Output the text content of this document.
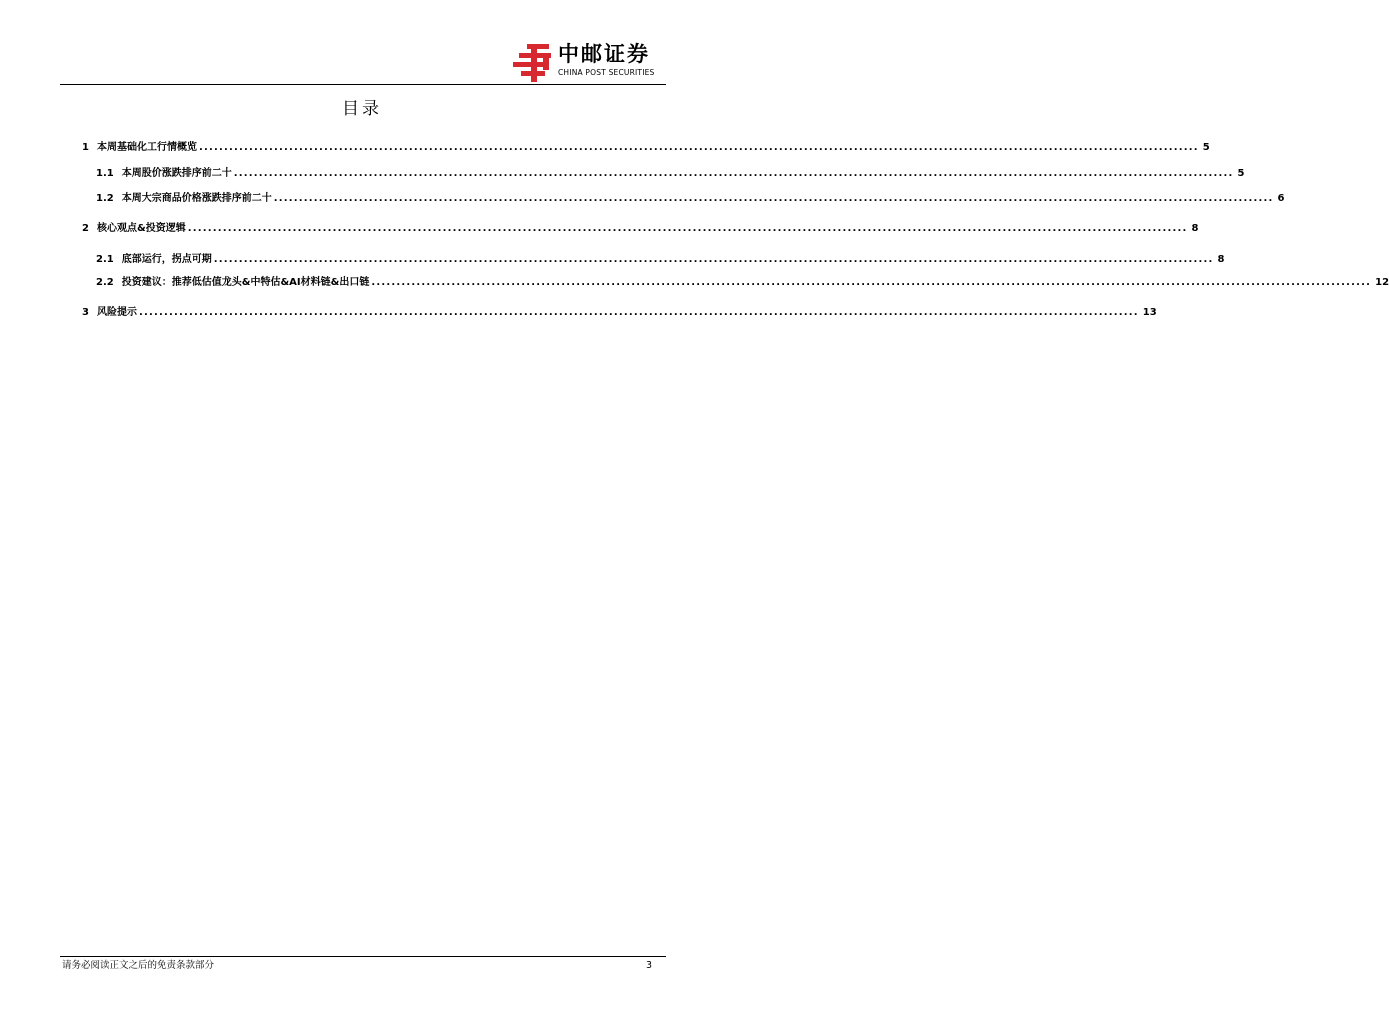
中邮证券
CHINA POST SECURITIES
目录
1 本周基础化工行情概览 ........................................................................................................................................................................................................ 5
1.1 本周股价涨跌排序前二十 ........................................................................................................................................................................................................ 5
1.2 本周大宗商品价格涨跌排序前二十 ........................................................................................................................................................................................................ 6
2 核心观点&投资逻辑 ........................................................................................................................................................................................................ 8
2.1 底部运行，拐点可期 ........................................................................................................................................................................................................ 8
2.2 投资建议：推荐低估值龙头&中特估&AI材料链&出口链 ........................................................................................................................................................................................................ 12
3 风险提示 ........................................................................................................................................................................................................ 13
请务必阅读正文之后的免责条款部分	3
